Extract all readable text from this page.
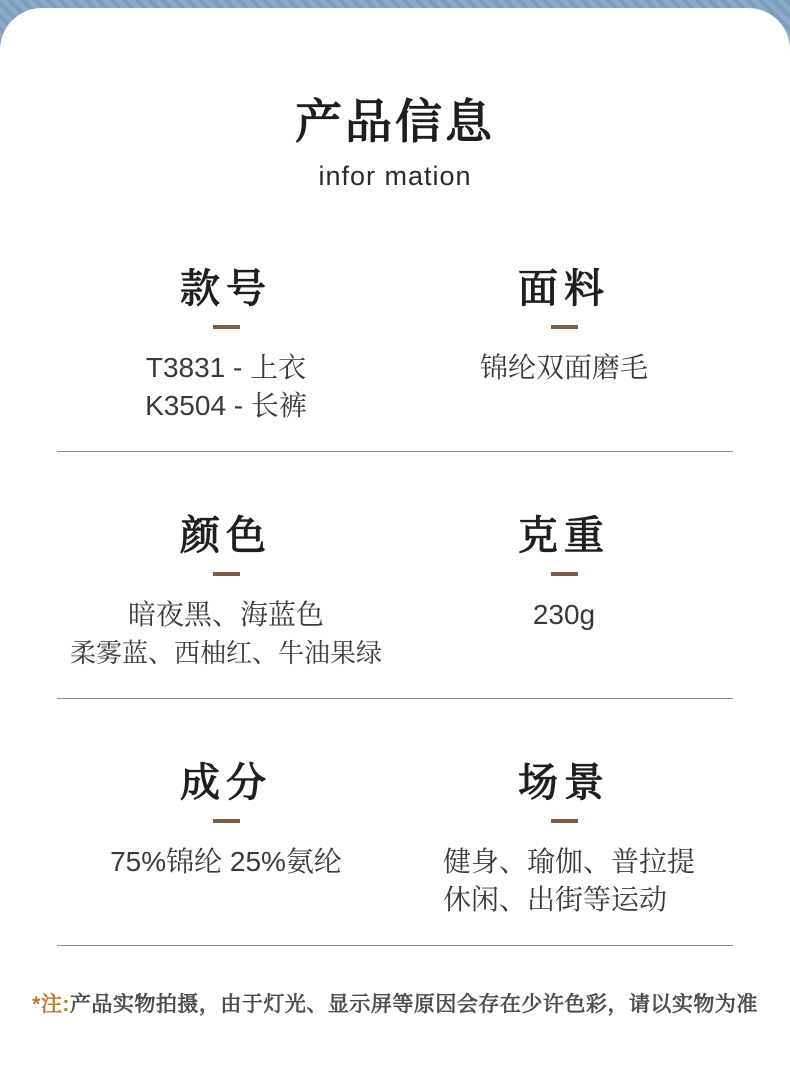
产品信息
infor mation
款号

T3831 - 上衣

K3504 - 长裤

面料

锦纶双面磨毛

颜色

暗夜黑、海蓝色

柔雾蓝、西柚红、牛油果绿

克重

230g

成分

75%锦纶 25%氨纶

场景

健身、瑜伽、普拉提

休闲、出街等运动

*注:产品实物拍摄，由于灯光、显示屏等原因会存在少许色彩，请以实物为准
